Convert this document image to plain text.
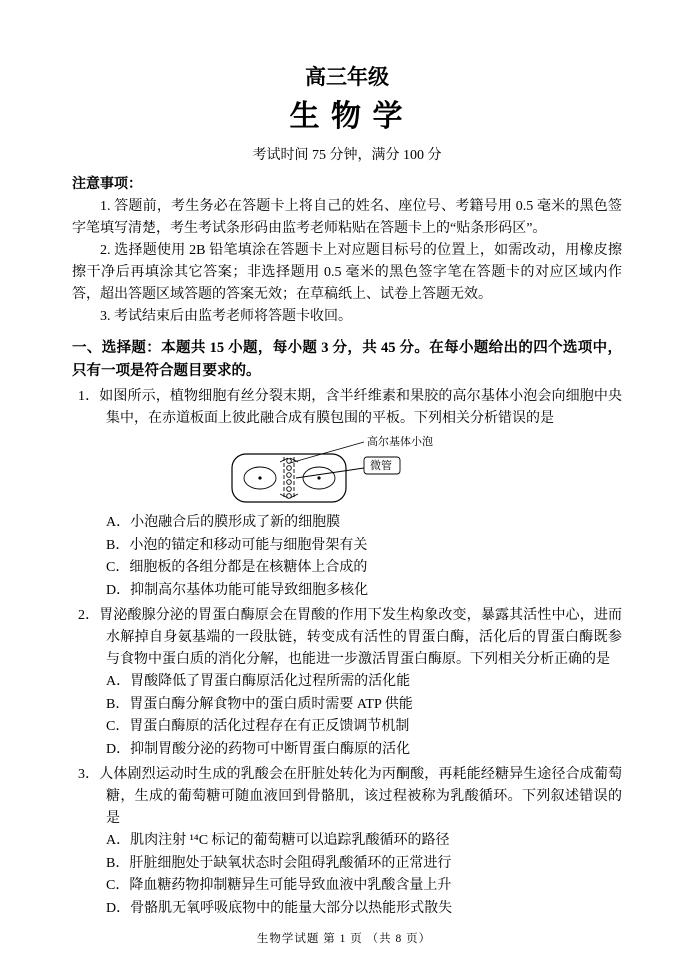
高三年级
生 物 学
考试时间 75 分钟，满分 100 分
注意事项：

1. 答题前，考生务必在答题卡上将自己的姓名、座位号、考籍号用 0.5 毫米的黑色签字笔填写清楚，考生考试条形码由监考老师粘贴在答题卡上的“贴条形码区”。

2. 选择题使用 2B 铅笔填涂在答题卡上对应题目标号的位置上，如需改动，用橡皮擦擦干净后再填涂其它答案；非选择题用 0.5 毫米的黑色签字笔在答题卡的对应区域内作答，超出答题区域答题的答案无效；在草稿纸上、试卷上答题无效。

3. 考试结束后由监考老师将答题卡收回。

一、选择题：本题共 15 小题，每小题 3 分，共 45 分。在每小题给出的四个选项中，只有一项是符合题目要求的。

1．如图所示，植物细胞有丝分裂末期，含半纤维素和果胶的高尔基体小泡会向细胞中央集中，在赤道板面上彼此融合成有膜包围的平板。下列相关分析错误的是

高尔基体小泡
微管

A．小泡融合后的膜形成了新的细胞膜

B．小泡的锚定和移动可能与细胞骨架有关

C．细胞板的各组分都是在核糖体上合成的

D．抑制高尔基体功能可能导致细胞多核化

2．胃泌酸腺分泌的胃蛋白酶原会在胃酸的作用下发生构象改变，暴露其活性中心，进而水解掉自身氨基端的一段肽链，转变成有活性的胃蛋白酶，活化后的胃蛋白酶既参与食物中蛋白质的消化分解，也能进一步激活胃蛋白酶原。下列相关分析正确的是

A．胃酸降低了胃蛋白酶原活化过程所需的活化能

B．胃蛋白酶分解食物中的蛋白质时需要 ATP 供能

C．胃蛋白酶原的活化过程存在有正反馈调节机制

D．抑制胃酸分泌的药物可中断胃蛋白酶原的活化

3．人体剧烈运动时生成的乳酸会在肝脏处转化为丙酮酸，再耗能经糖异生途径合成葡萄糖，生成的葡萄糖可随血液回到骨骼肌，该过程被称为乳酸循环。下列叙述错误的是

A．肌肉注射 ¹⁴C 标记的葡萄糖可以追踪乳酸循环的路径

B．肝脏细胞处于缺氧状态时会阻碍乳酸循环的正常进行

C．降血糖药物抑制糖异生可能导致血液中乳酸含量上升

D．骨骼肌无氧呼吸底物中的能量大部分以热能形式散失

生物学试题 第 1 页 （共 8 页）
